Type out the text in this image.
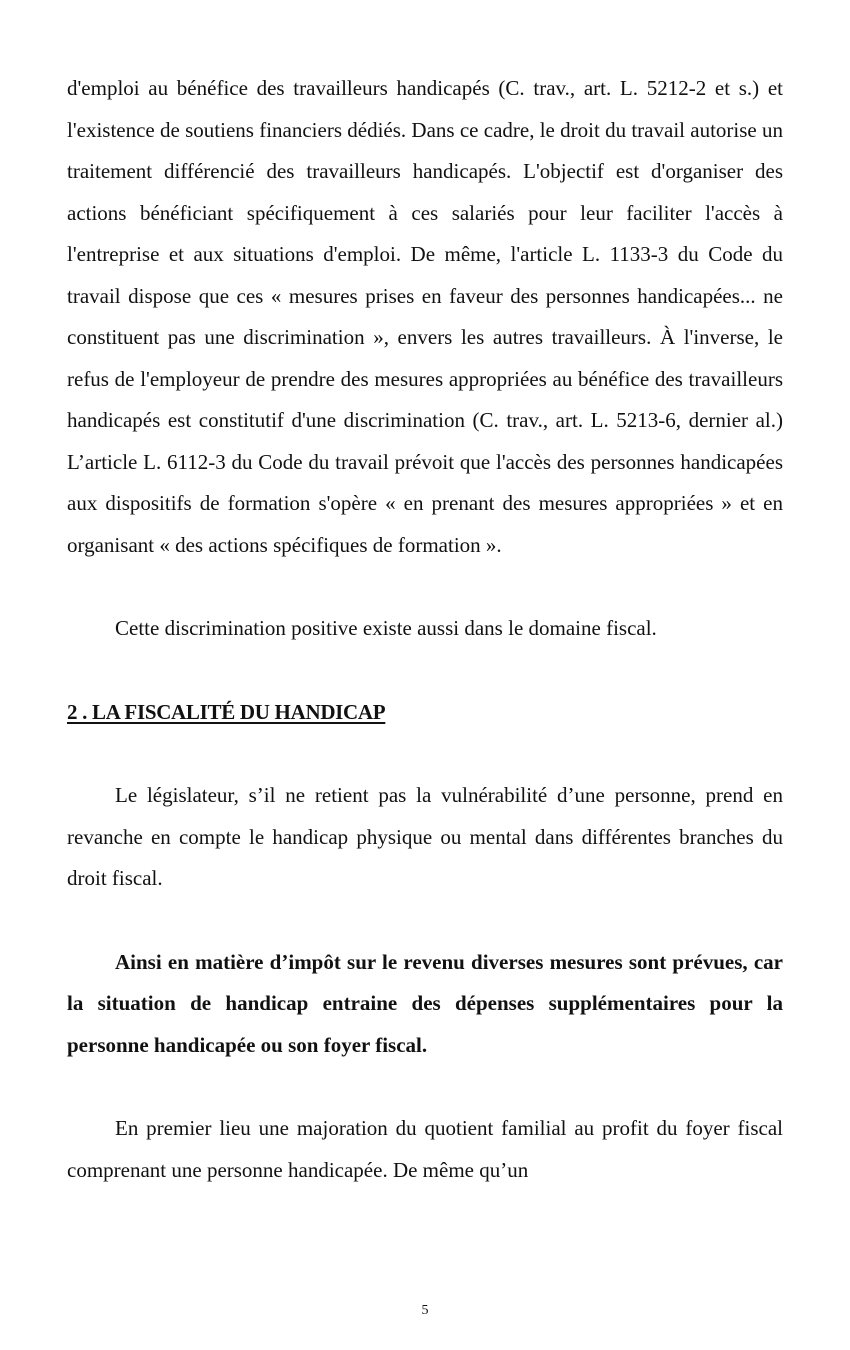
d'emploi au bénéfice des travailleurs handicapés (C. trav., art. L. 5212-2 et s.) et l'existence de soutiens financiers dédiés. Dans ce cadre, le droit du travail autorise un traitement différencié des travailleurs handicapés. L'objectif est d'organiser des actions bénéficiant spécifiquement à ces salariés pour leur faciliter l'accès à l'entreprise et aux situations d'emploi. De même, l'article L. 1133-3 du Code du travail dispose que ces « mesures prises en faveur des personnes handicapées... ne constituent pas une discrimination », envers les autres travailleurs. À l'inverse, le refus de l'employeur de prendre des mesures appropriées au bénéfice des travailleurs handicapés est constitutif d'une discrimination (C. trav., art. L. 5213-6, dernier al.) L’article L. 6112-3 du Code du travail prévoit que l'accès des personnes handicapées aux dispositifs de formation s'opère « en prenant des mesures appropriées » et en organisant « des actions spécifiques de formation ».

Cette discrimination positive existe aussi dans le domaine fiscal.

2 . LA FISCALITÉ DU HANDICAP

Le législateur, s’il ne retient pas la vulnérabilité d’une personne, prend en revanche en compte le handicap physique ou mental dans différentes branches du droit fiscal.

Ainsi en matière d’impôt sur le revenu diverses mesures sont prévues, car la situation de handicap entraine des dépenses supplémentaires pour la personne handicapée ou son foyer fiscal.

En premier lieu une majoration du quotient familial au profit du foyer fiscal comprenant une personne handicapée. De même qu’un

5
